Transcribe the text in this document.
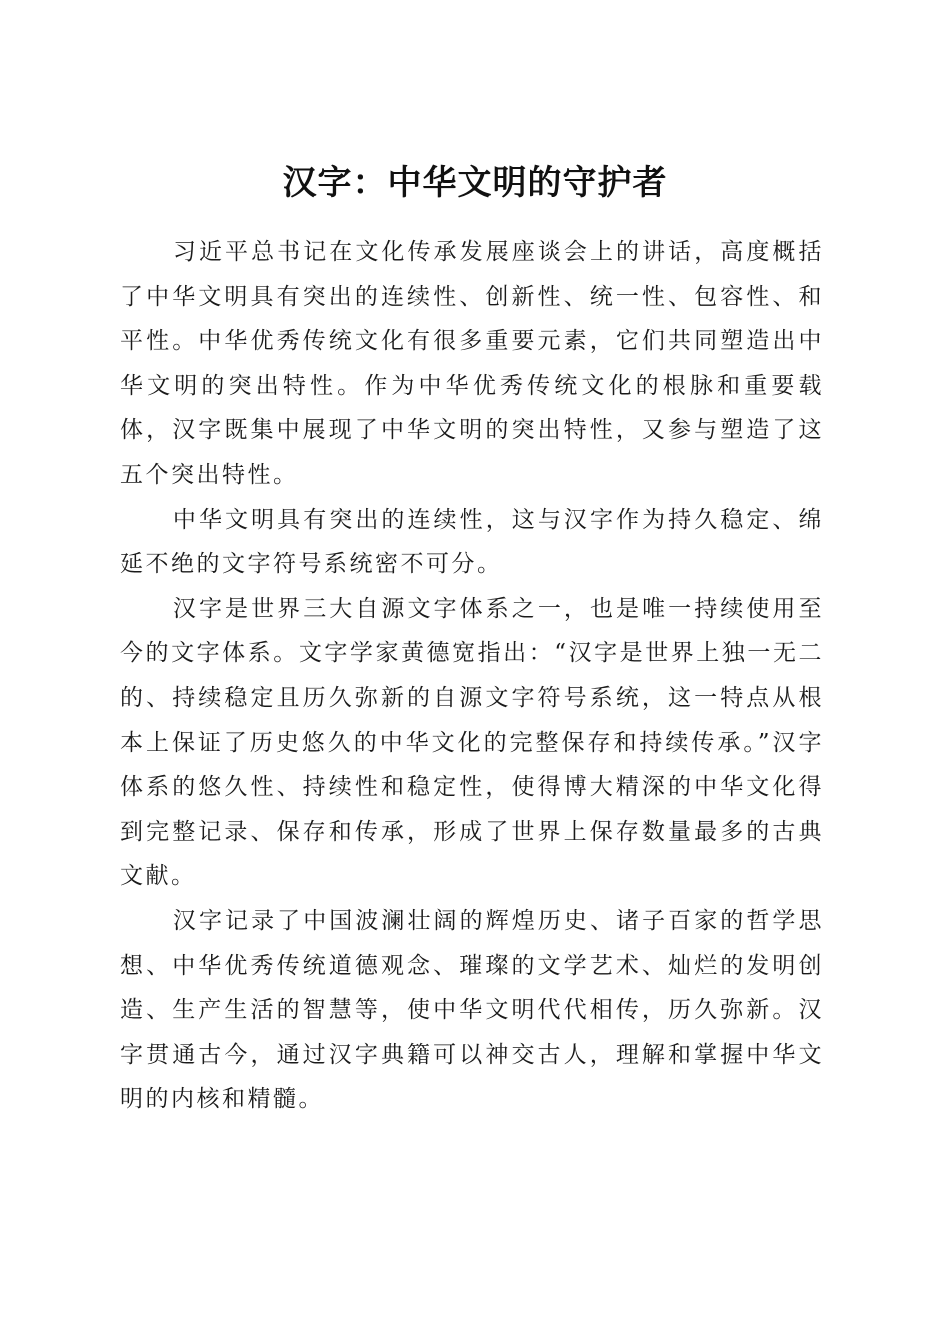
汉字：中华文明的守护者

习近平总书记在文化传承发展座谈会上的讲话，高度概括了中华文明具有突出的连续性、创新性、统一性、包容性、和平性。中华优秀传统文化有很多重要元素，它们共同塑造出中华文明的突出特性。作为中华优秀传统文化的根脉和重要载体，汉字既集中展现了中华文明的突出特性，又参与塑造了这五个突出特性。

中华文明具有突出的连续性，这与汉字作为持久稳定、绵延不绝的文字符号系统密不可分。

汉字是世界三大自源文字体系之一，也是唯一持续使用至今的文字体系。文字学家黄德宽指出：“汉字是世界上独一无二的、持续稳定且历久弥新的自源文字符号系统，这一特点从根本上保证了历史悠久的中华文化的完整保存和持续传承。”汉字体系的悠久性、持续性和稳定性，使得博大精深的中华文化得到完整记录、保存和传承，形成了世界上保存数量最多的古典文献。

汉字记录了中国波澜壮阔的辉煌历史、诸子百家的哲学思想、中华优秀传统道德观念、璀璨的文学艺术、灿烂的发明创造、生产生活的智慧等，使中华文明代代相传，历久弥新。汉字贯通古今，通过汉字典籍可以神交古人，理解和掌握中华文明的内核和精髓。
